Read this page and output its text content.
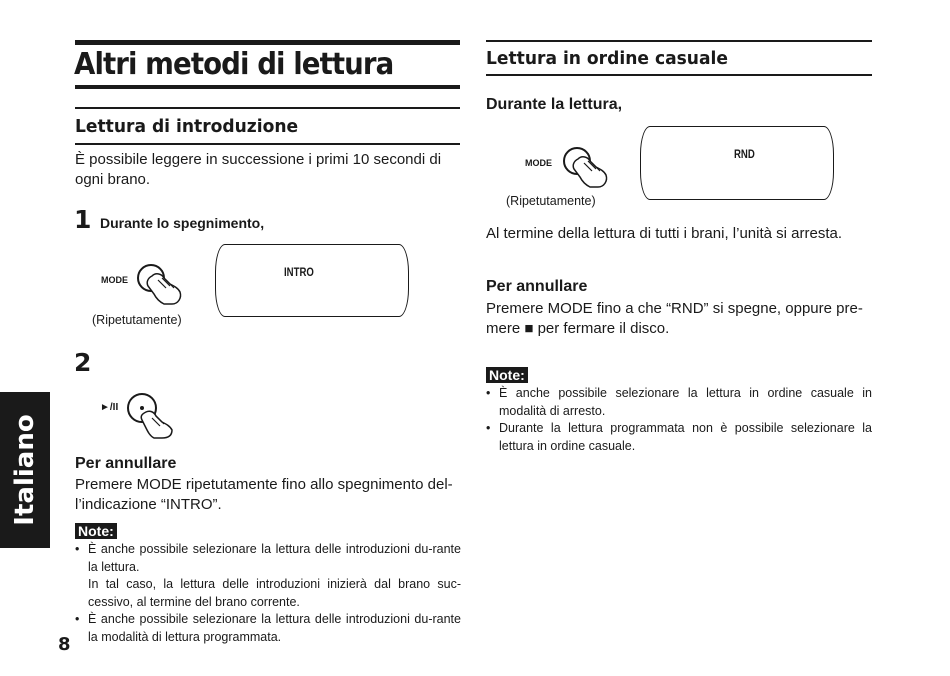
Altri metodi di lettura
Lettura di introduzione
È possibile leggere in successione i primi 10 secondi di ogni brano.
1 Durante lo spegnimento,
MODE
(Ripetutamente)
INTRO
2
►/II
Per annullare
Premere MODE ripetutamente fino allo spegnimento del-l’indicazione “INTRO”.
Note:
• È anche possibile selezionare la lettura delle introduzioni du-rante la lettura.
In tal caso, la lettura delle introduzioni inizierà dal brano suc-cessivo, al termine del brano corrente.
• È anche possibile selezionare la lettura delle introduzioni du-rante la modalità di lettura programmata.
Lettura in ordine casuale
Durante la lettura,
MODE
(Ripetutamente)
RND
Al termine della lettura di tutti i brani, l’unità si arresta.
Per annullare
Premere MODE fino a che “RND” si spegne, oppure pre-mere ■ per fermare il disco.
Note:
• È anche possibile selezionare la lettura in ordine casuale in modalità di arresto.
• Durante la lettura programmata non è possibile selezionare la lettura in ordine casuale.
Italiano
8
